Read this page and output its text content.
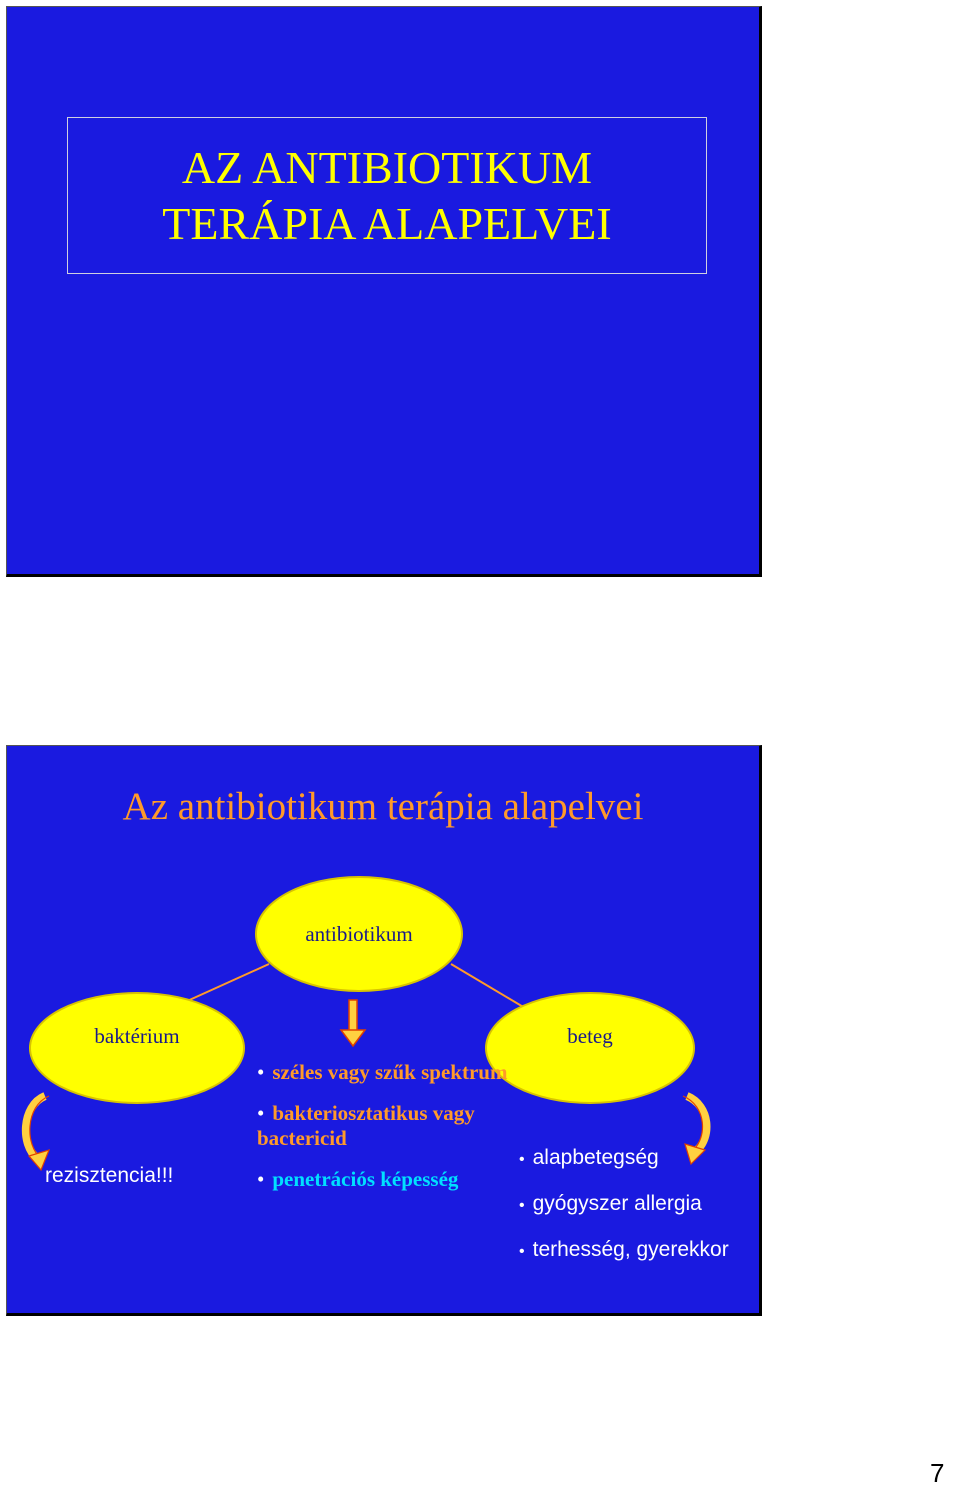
AZ ANTIBIOTIKUM
TERÁPIA ALAPELVEI
Az antibiotikum terápia alapelvei
antibiotikum
baktérium	beteg
rezisztencia!!!
• széles vagy szűk spektrum
• bakteriosztatikus vagy bactericid
• penetrációs képesség
• alapbetegség
• gyógyszer allergia
• terhesség, gyerekkor
7
